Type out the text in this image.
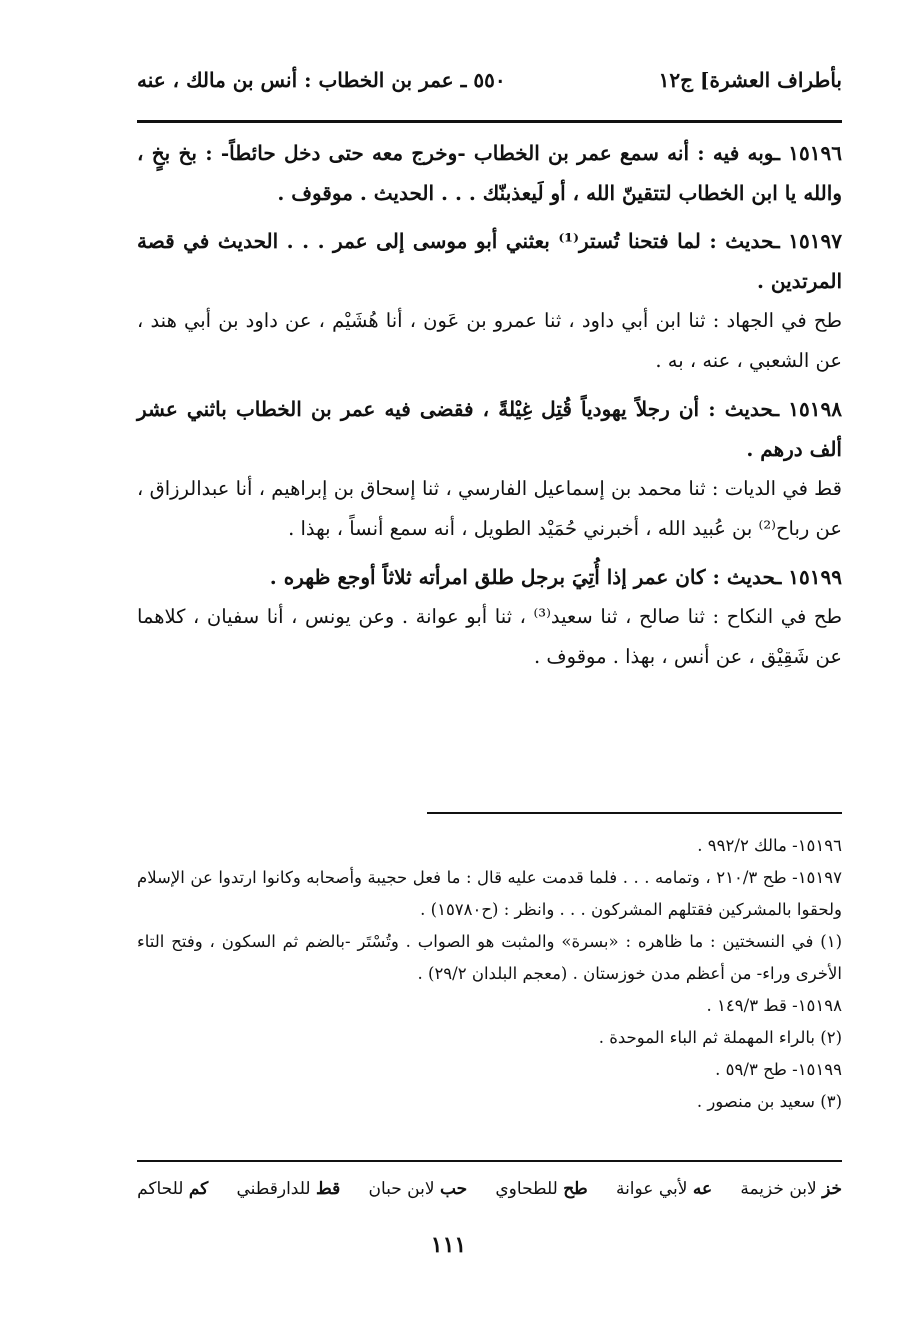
بأطراف العشرة] ج١٢
٥٥٠ ـ عمر بن الخطاب : أنس بن مالك ، عنه

١٥١٩٦ ـوبه فيه : أنه سمع عمر بن الخطاب -وخرج معه حتى دخل حائطاً- : بخ بخٍ ، والله يا ابن الخطاب لتتقينّ الله ، أو لَيعذبنّك . . . الحديث . موقوف .

١٥١٩٧ ـحديث : لما فتحنا تُستر⁽¹⁾ بعثني أبو موسى إلى عمر . . . الحديث في قصة المرتدين .

طح في الجهاد : ثنا ابن أبي داود ، ثنا عمرو بن عَون ، أنا هُشَيْم ، عن داود بن أبي هند ، عن الشعبي ، عنه ، به .

١٥١٩٨ ـحديث : أن رجلاً يهودياً قُتِل غِيْلةً ، فقضى فيه عمر بن الخطاب باثني عشر ألف درهم .

قط في الديات : ثنا محمد بن إسماعيل الفارسي ، ثنا إسحاق بن إبراهيم ، أنا عبدالرزاق ، عن رباح⁽²⁾ بن عُبيد الله ، أخبرني حُمَيْد الطويل ، أنه سمع أنساً ، بهذا .

١٥١٩٩ ـحديث : كان عمر إذا أُتِيَ برجل طلق امرأته ثلاثاً أوجع ظهره .

طح في النكاح : ثنا صالح ، ثنا سعيد⁽³⁾ ، ثنا أبو عوانة . وعن يونس ، أنا سفيان ، كلاهما عن شَقِيْق ، عن أنس ، بهذا . موقوف .

١٥١٩٦- مالك ٩٩٢/٢ .

١٥١٩٧- طح ٢١٠/٣ ، وتمامه . . . فلما قدمت عليه قال : ما فعل حجيبة وأصحابه وكانوا ارتدوا عن الإسلام ولحقوا بالمشركين فقتلهم المشركون . . . وانظر : (ح١٥٧٨٠) .

(١) في النسختين : ما ظاهره : «بسرة» والمثبت هو الصواب . وتُسْتَر -بالضم ثم السكون ، وفتح التاء الأخرى وراء- من أعظم مدن خوزستان . (معجم البلدان ٢٩/٢) .

١٥١٩٨- قط ١٤٩/٣ .

(٢) بالراء المهملة ثم الباء الموحدة .

١٥١٩٩- طح ٥٩/٣ .

(٣) سعيد بن منصور .

خز لابن خزيمة
عه لأبي عوانة
طح للطحاوي
حب لابن حبان
قط للدارقطني
كم للحاكم
١١١
